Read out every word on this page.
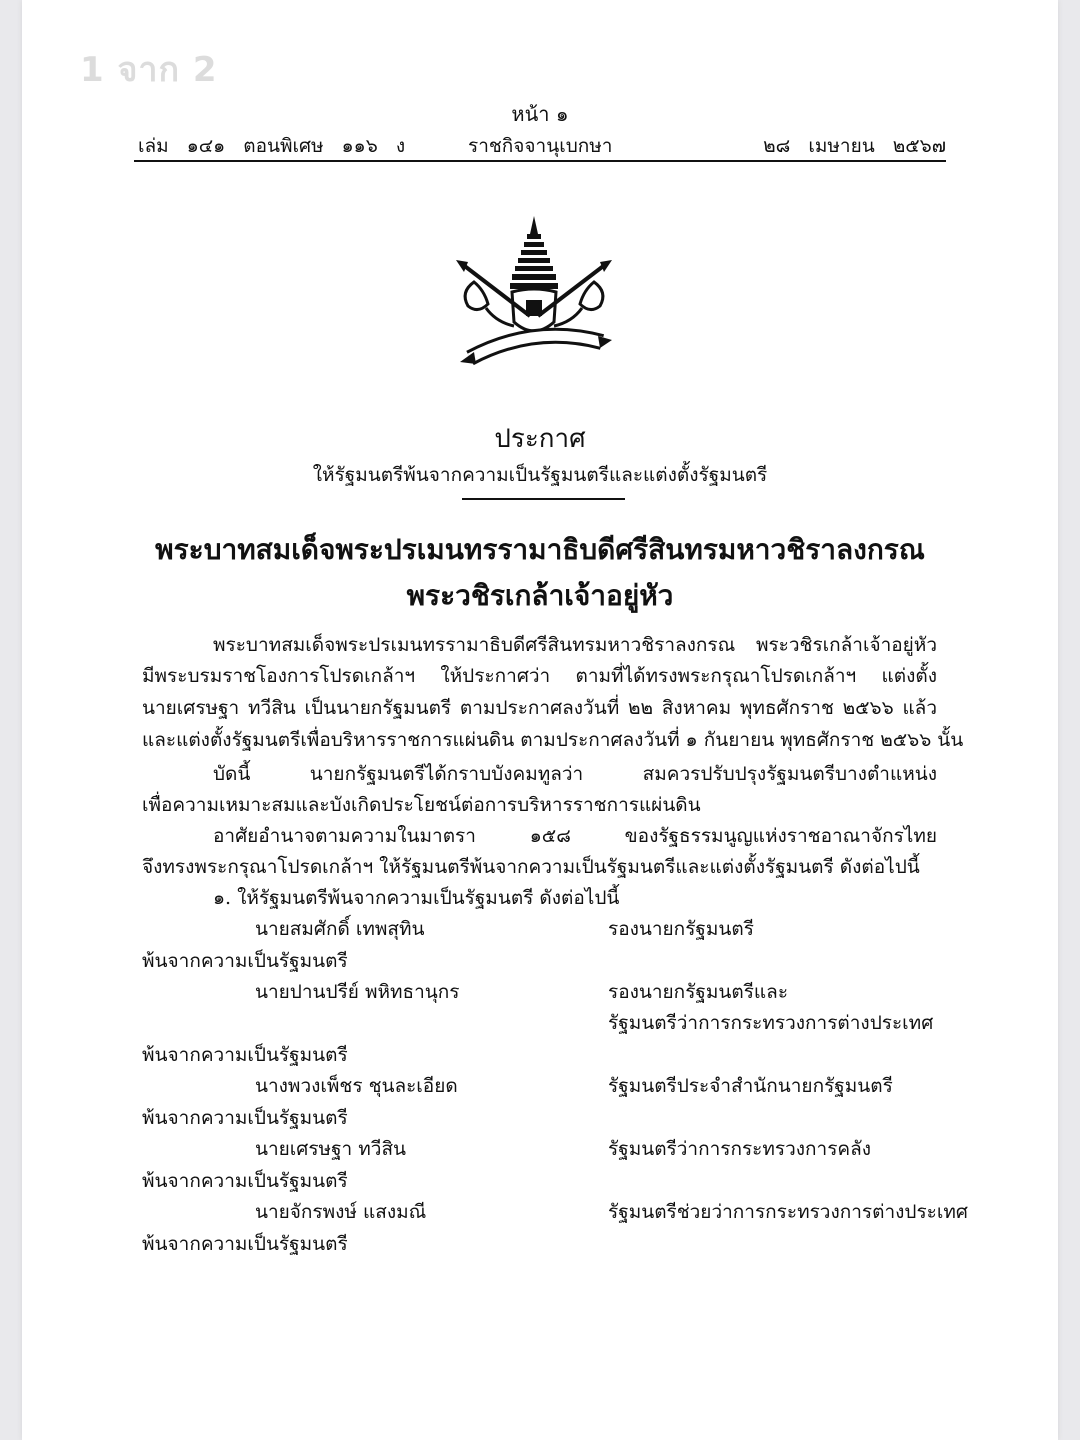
1 จาก 2
หน้า ๑
เล่ม ๑๔๑ ตอนพิเศษ ๑๑๖ ง	ราชกิจจานุเบกษา	๒๘ เมษายน ๒๕๖๗
ประกาศ
ให้รัฐมนตรีพ้นจากความเป็นรัฐมนตรีและแต่งตั้งรัฐมนตรี
พระบาทสมเด็จพระปรเมนทรรามาธิบดีศรีสินทรมหาวชิราลงกรณ
พระวชิรเกล้าเจ้าอยู่หัว
พระบาทสมเด็จพระปรเมนทรรามาธิบดีศรีสินทรมหาวชิราลงกรณ พระวชิรเกล้าเจ้าอยู่หัว
มีพระบรมราชโองการโปรดเกล้าฯ ให้ประกาศว่า ตามที่ได้ทรงพระกรุณาโปรดเกล้าฯ แต่งตั้ง
นายเศรษฐา ทวีสิน เป็นนายกรัฐมนตรี ตามประกาศลงวันที่ ๒๒ สิงหาคม พุทธศักราช ๒๕๖๖ แล้ว
และแต่งตั้งรัฐมนตรีเพื่อบริหารราชการแผ่นดิน ตามประกาศลงวันที่ ๑ กันยายน พุทธศักราช ๒๕๖๖ นั้น
บัดนี้ นายกรัฐมนตรีได้กราบบังคมทูลว่า สมควรปรับปรุงรัฐมนตรีบางตำแหน่ง
เพื่อความเหมาะสมและบังเกิดประโยชน์ต่อการบริหารราชการแผ่นดิน
อาศัยอำนาจตามความในมาตรา ๑๕๘ ของรัฐธรรมนูญแห่งราชอาณาจักรไทย
จึงทรงพระกรุณาโปรดเกล้าฯ ให้รัฐมนตรีพ้นจากความเป็นรัฐมนตรีและแต่งตั้งรัฐมนตรี ดังต่อไปนี้
๑. ให้รัฐมนตรีพ้นจากความเป็นรัฐมนตรี ดังต่อไปนี้
นายสมศักดิ์ เทพสุทิน	รองนายกรัฐมนตรี
พ้นจากความเป็นรัฐมนตรี
นายปานปรีย์ พหิทธานุกร	รองนายกรัฐมนตรีและ
รัฐมนตรีว่าการกระทรวงการต่างประเทศ
พ้นจากความเป็นรัฐมนตรี
นางพวงเพ็ชร ชุนละเอียด	รัฐมนตรีประจำสำนักนายกรัฐมนตรี
พ้นจากความเป็นรัฐมนตรี
นายเศรษฐา ทวีสิน	รัฐมนตรีว่าการกระทรวงการคลัง
พ้นจากความเป็นรัฐมนตรี
นายจักรพงษ์ แสงมณี	รัฐมนตรีช่วยว่าการกระทรวงการต่างประเทศ
พ้นจากความเป็นรัฐมนตรี
